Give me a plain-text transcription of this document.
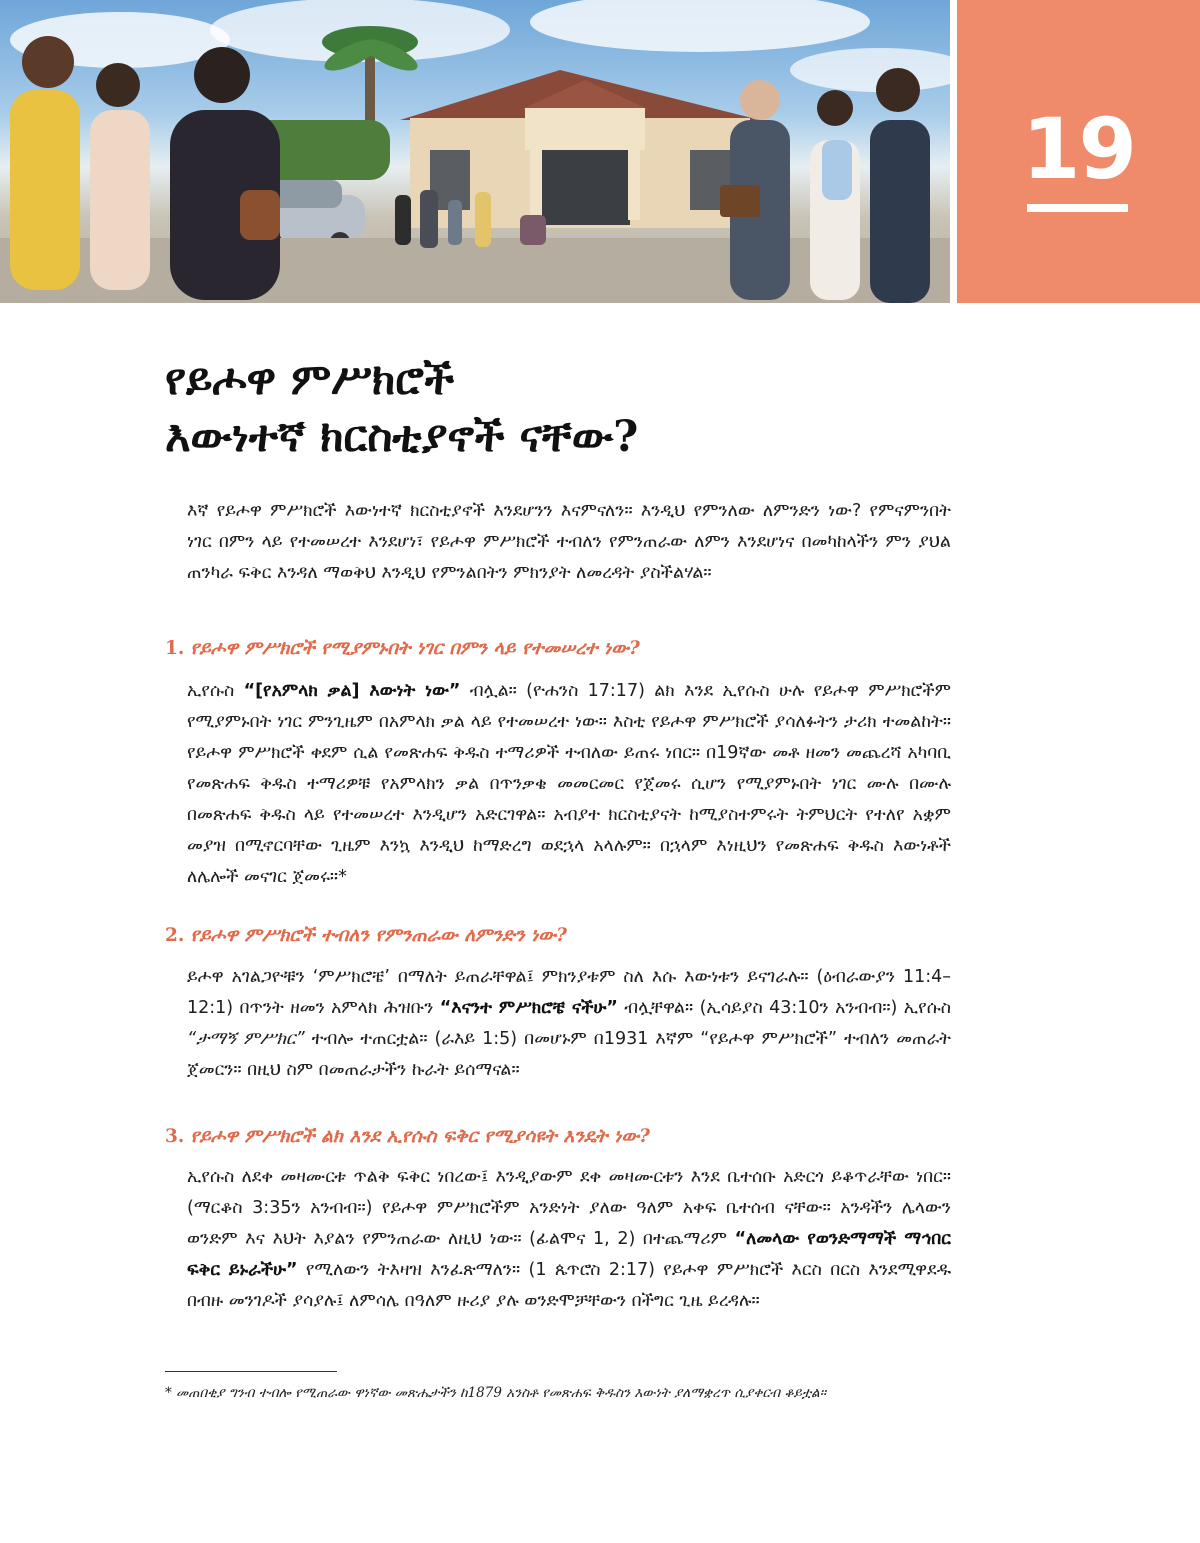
19
የይሖዋ ምሥክሮች
እውነተኛ ክርስቲያኖች ናቸው?

እኛ የይሖዋ ምሥክሮች እውነተኛ ክርስቲያኖች እንደሆንን እናምናለን። እንዲህ የምንለው ለምንድን ነው? የምናምንበት ነገር በምን ላይ የተመሠረተ እንደሆነ፣ የይሖዋ ምሥክሮች ተብለን የምንጠራው ለምን እንደሆነና በመካከላችን ምን ያህል ጠንካራ ፍቅር እንዳለ ማወቅህ እንዲህ የምንልበትን ምክንያት ለመረዳት ያስችልሃል።

1. የይሖዋ ምሥክሮች የሚያምኑበት ነገር በምን ላይ የተመሠረተ ነው?

ኢየሱስ “[የአምላክ ቃል] እውነት ነው” ብሏል። (ዮሐንስ 17:17) ልክ እንደ ኢየሱስ ሁሉ የይሖዋ ምሥክሮችም የሚያምኑበት ነገር ምንጊዜም በአምላክ ቃል ላይ የተመሠረተ ነው። እስቲ የይሖዋ ምሥክሮች ያሳለፉትን ታሪክ ተመልከት። የይሖዋ ምሥክሮች ቀደም ሲል የመጽሐፍ ቅዱስ ተማሪዎች ተብለው ይጠሩ ነበር። በ19ኛው መቶ ዘመን መጨረሻ አካባቢ የመጽሐፍ ቅዱስ ተማሪዎቹ የአምላክን ቃል በጥንቃቄ መመርመር የጀመሩ ሲሆን የሚያምኑበት ነገር ሙሉ በሙሉ በመጽሐፍ ቅዱስ ላይ የተመሠረተ እንዲሆን አድርገዋል። አብያተ ክርስቲያናት ከሚያስተምሩት ትምህርት የተለየ አቋም መያዝ በሚኖርባቸው ጊዜም እንኳ እንዲህ ከማድረግ ወደኋላ አላሉም። በኋላም እነዚህን የመጽሐፍ ቅዱስ እውነቶች ለሌሎች መናገር ጀመሩ።*

2. የይሖዋ ምሥክሮች ተብለን የምንጠራው ለምንድን ነው?

ይሖዋ አገልጋዮቹን ‘ምሥክሮቼ’ በማለት ይጠራቸዋል፤ ምክንያቱም ስለ እሱ እውነቱን ይናገራሉ። (ዕብራውያን 11:4–12:1) በጥንት ዘመን አምላክ ሕዝቡን “እናንተ ምሥክሮቼ ናችሁ” ብሏቸዋል። (ኢሳይያስ 43:10ን አንብብ።) ኢየሱስ “ታማኝ ምሥክር” ተብሎ ተጠርቷል። (ራእይ 1:5) በመሆኑም በ1931 እኛም “የይሖዋ ምሥክሮች” ተብለን መጠራት ጀመርን። በዚህ ስም በመጠራታችን ኩራት ይሰማናል።

3. የይሖዋ ምሥክሮች ልክ እንደ ኢየሱስ ፍቅር የሚያሳዩት እንዴት ነው?

ኢየሱስ ለደቀ መዛሙርቱ ጥልቅ ፍቅር ነበረው፤ እንዲያውም ደቀ መዛሙርቱን እንደ ቤተሰቡ አድርጎ ይቆጥራቸው ነበር። (ማርቆስ 3:35ን አንብብ።) የይሖዋ ምሥክሮችም አንድነት ያለው ዓለም አቀፍ ቤተሰብ ናቸው። አንዳችን ሌላውን ወንድም እና እህት እያልን የምንጠራው ለዚህ ነው። (ፊልሞና 1, 2) በተጨማሪም “ለመላው የወንድማማች ማኅበር ፍቅር ይኑራችሁ” የሚለውን ትእዛዝ እንፈጽማለን። (1 ጴጥሮስ 2:17) የይሖዋ ምሥክሮች እርስ በርስ እንደሚዋደዱ በብዙ መንገዶች ያሳያሉ፤ ለምሳሌ በዓለም ዙሪያ ያሉ ወንድሞቻቸውን በችግር ጊዜ ይረዳሉ።

* መጠበቂያ ግንብ ተብሎ የሚጠራው ዋነኛው መጽሔታችን ከ1879 አንስቶ የመጽሐፍ ቅዱስን እውነት ያለማቋረጥ ሲያቀርብ ቆይቷል።
